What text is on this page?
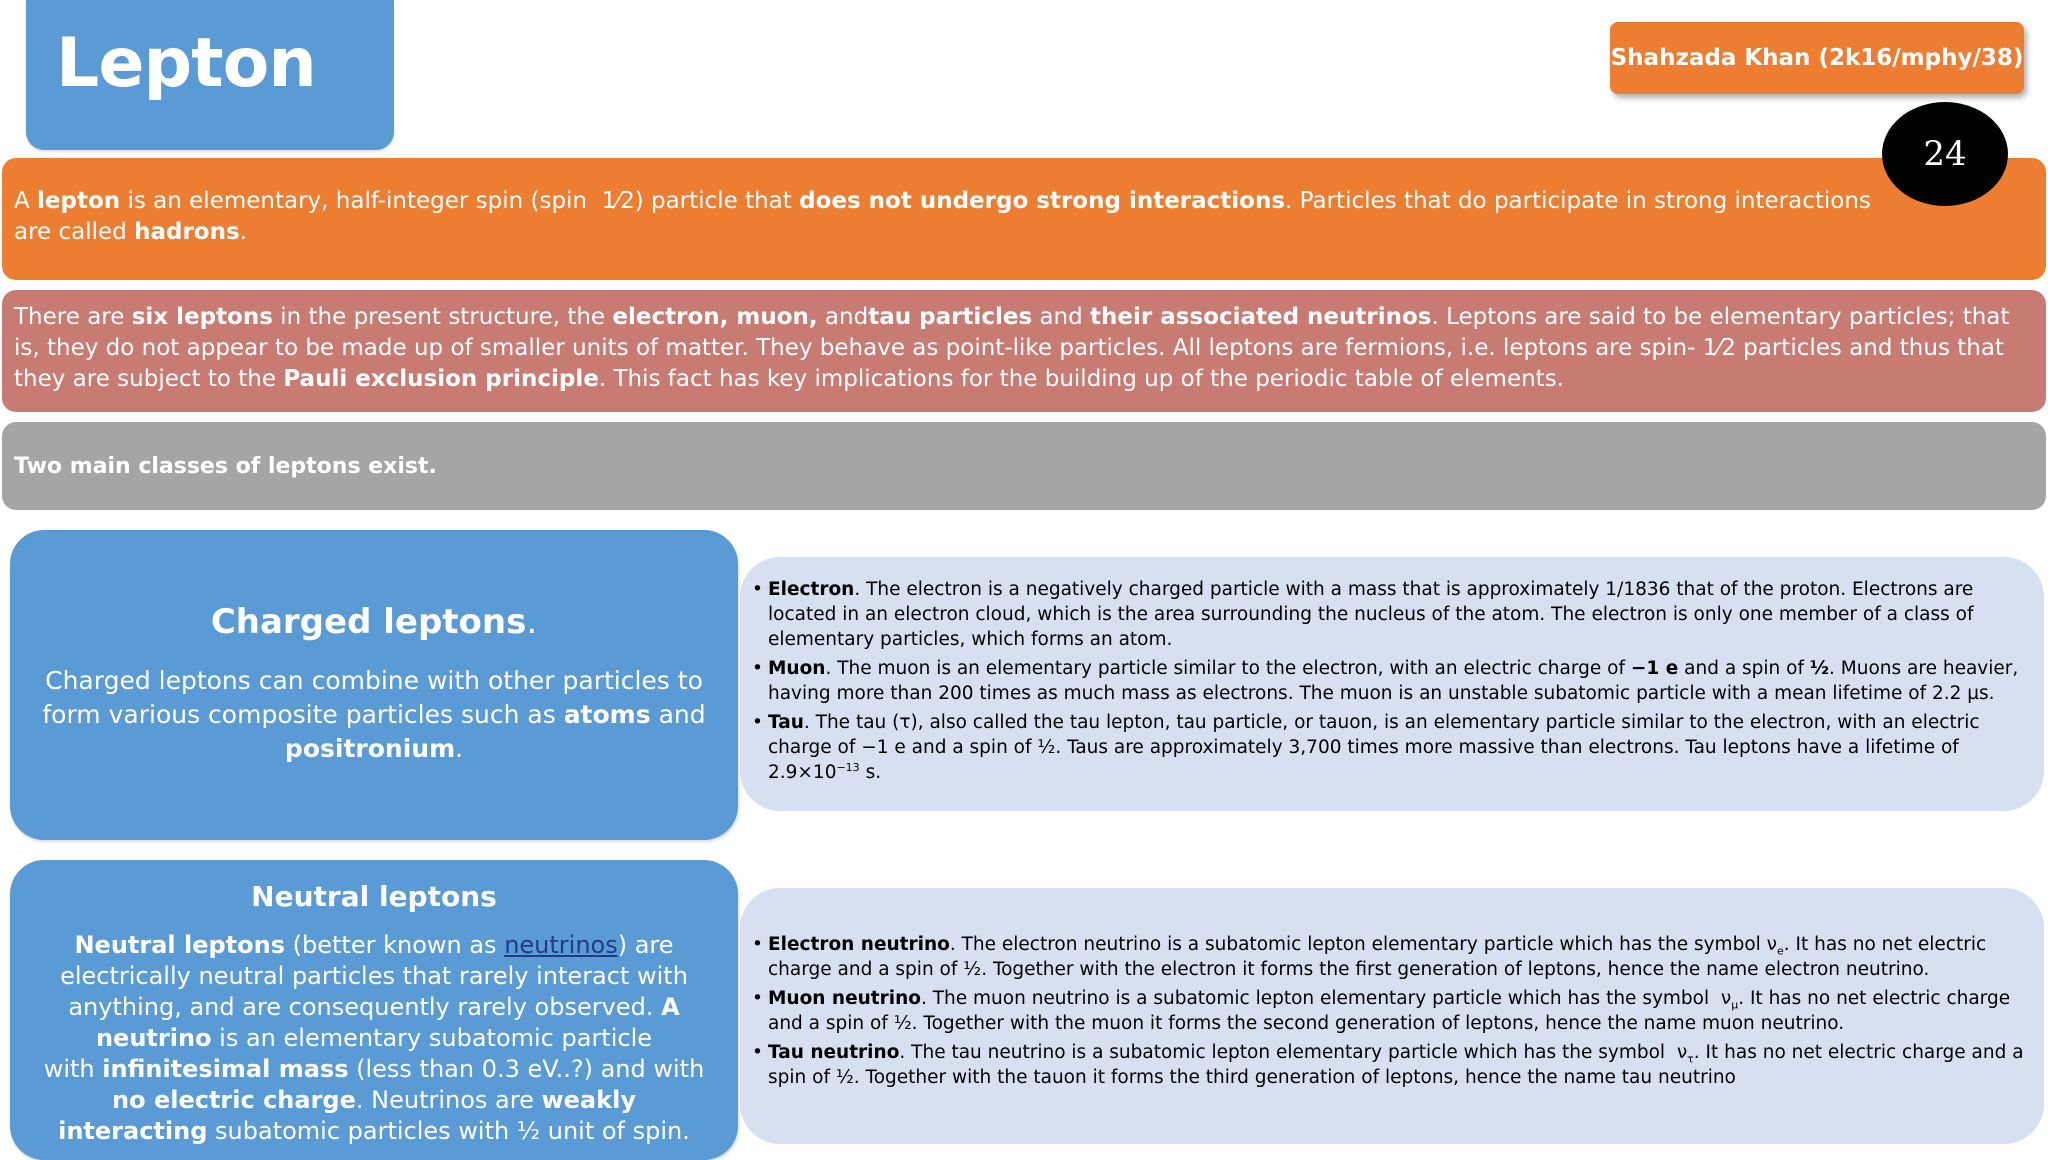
Lepton	Shahzada Khan (2k16/mphy/38)
24
A lepton is an elementary, half-integer spin (spin  1⁄2) particle that does not undergo strong interactions. Particles that do participate in strong interactions are called hadrons.
There are six leptons in the present structure, the electron, muon, andtau particles and their associated neutrinos. Leptons are said to be elementary particles; that is, they do not appear to be made up of smaller units of matter. They behave as point-like particles. All leptons are fermions, i.e. leptons are spin- 1⁄2 particles and thus that they are subject to the Pauli exclusion principle. This fact has key implications for the building up of the periodic table of elements.
Two main classes of leptons exist.
Charged leptons.
Charged leptons can combine with other particles to form various composite particles such as atoms and positronium.
• Electron. The electron is a negatively charged particle with a mass that is approximately 1/1836 that of the proton. Electrons are located in an electron cloud, which is the area surrounding the nucleus of the atom. The electron is only one member of a class of elementary particles, which forms an atom.
• Muon. The muon is an elementary particle similar to the electron, with an electric charge of −1 e and a spin of ½. Muons are heavier, having more than 200 times as much mass as electrons. The muon is an unstable subatomic particle with a mean lifetime of 2.2 µs.
• Tau. The tau (τ), also called the tau lepton, tau particle, or tauon, is an elementary particle similar to the electron, with an electric charge of −1 e and a spin of ½. Taus are approximately 3,700 times more massive than electrons. Tau leptons have a lifetime of $2.9\times 10^{-13}$ s.
Neutral leptons
Neutral leptons (better known as neutrinos) are electrically neutral particles that rarely interact with anything, and are consequently rarely observed. A neutrino is an elementary subatomic particle with infinitesimal mass (less than 0.3 eV..?) and with no electric charge. Neutrinos are weakly interacting subatomic particles with ½ unit of spin.
• Electron neutrino. The electron neutrino is a subatomic lepton elementary particle which has the symbol $\nu_e$. It has no net electric charge and a spin of ½. Together with the electron it forms the first generation of leptons, hence the name electron neutrino.
• Muon neutrino. The muon neutrino is a subatomic lepton elementary particle which has the symbol  $\nu_\mu$. It has no net electric charge and a spin of ½. Together with the muon it forms the second generation of leptons, hence the name muon neutrino.
• Tau neutrino. The tau neutrino is a subatomic lepton elementary particle which has the symbol  $\nu_\tau$. It has no net electric charge and a spin of ½. Together with the tauon it forms the third generation of leptons, hence the name tau neutrino
